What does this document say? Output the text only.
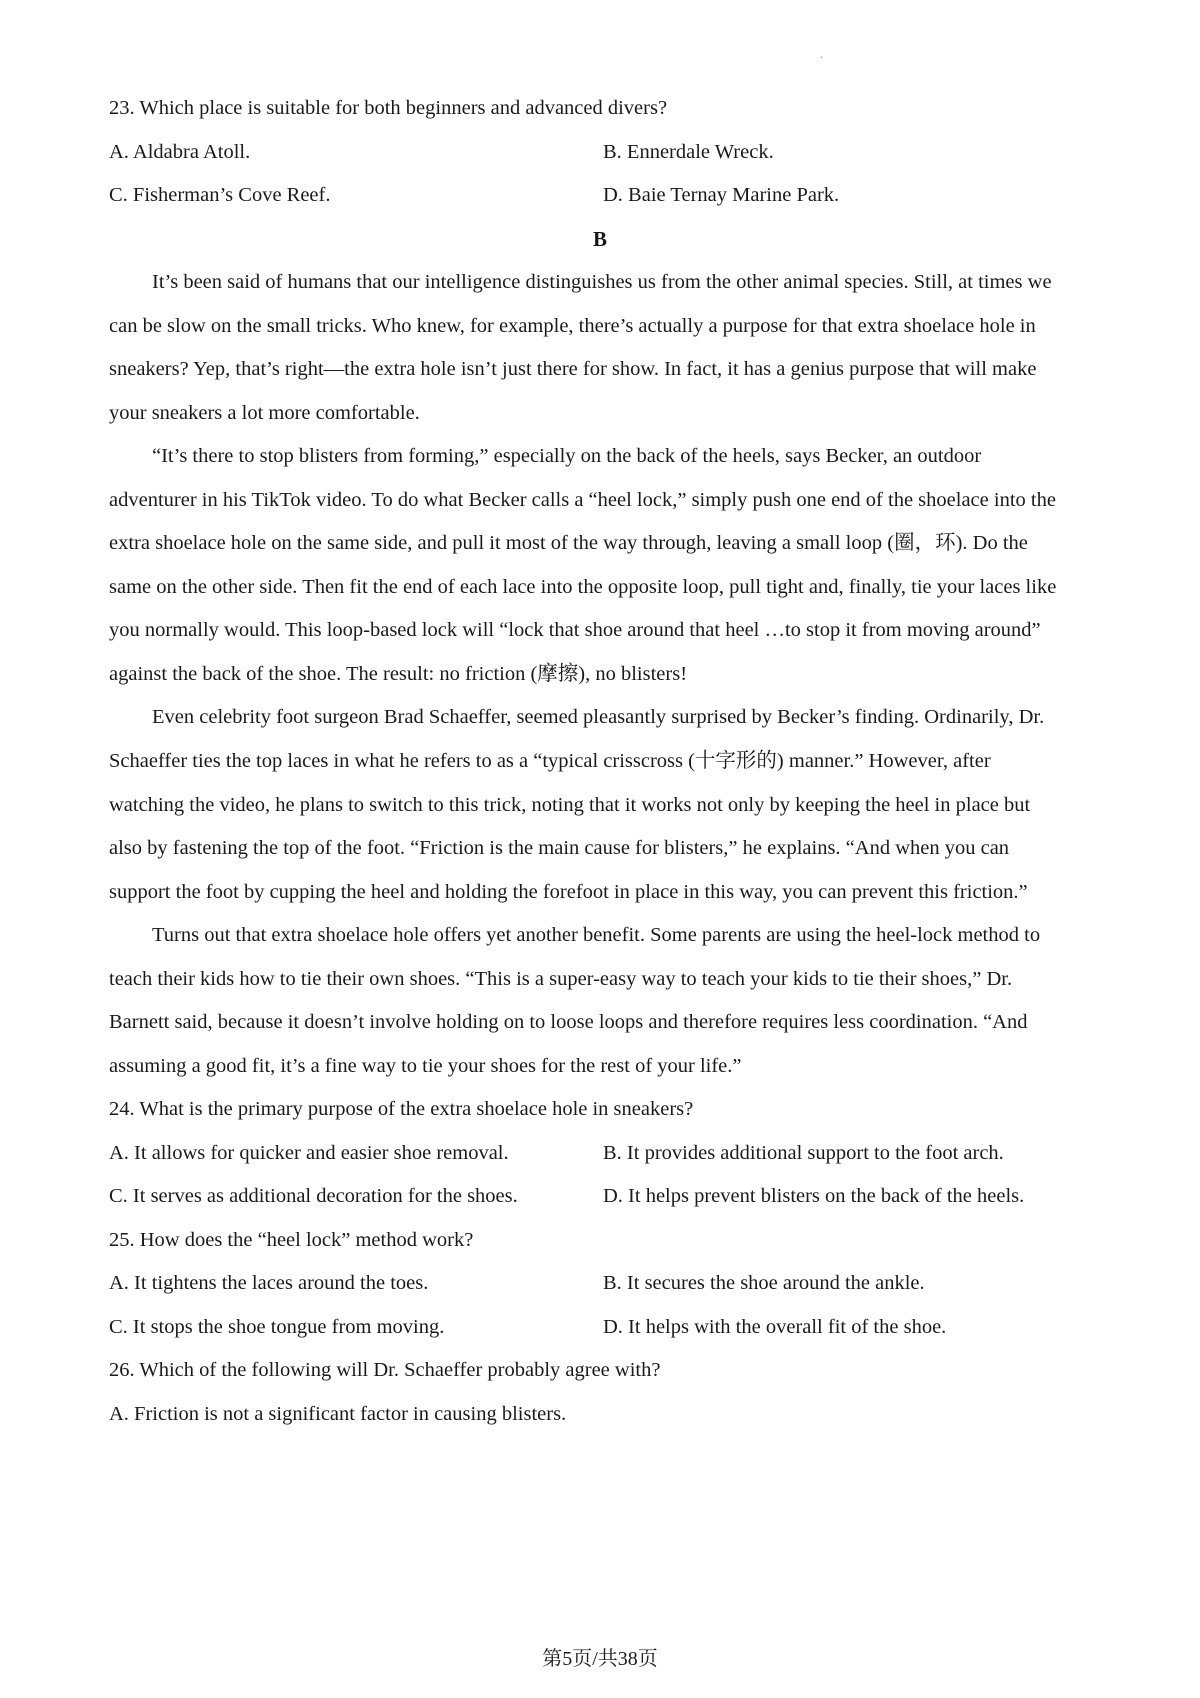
.
23. Which place is suitable for both beginners and advanced divers?
A. Aldabra Atoll.	B. Ennerdale Wreck.
C. Fisherman’s Cove Reef.	D. Baie Ternay Marine Park.
B
It’s been said of humans that our intelligence distinguishes us from the other animal species. Still, at times we
can be slow on the small tricks. Who knew, for example, there’s actually a purpose for that extra shoelace hole in
sneakers? Yep, that’s right—the extra hole isn’t just there for show. In fact, it has a genius purpose that will make
your sneakers a lot more comfortable.
“It’s there to stop blisters from forming,” especially on the back of the heels, says Becker, an outdoor
adventurer in his TikTok video. To do what Becker calls a “heel lock,” simply push one end of the shoelace into the
extra shoelace hole on the same side, and pull it most of the way through, leaving a small loop (圈，环). Do the
same on the other side. Then fit the end of each lace into the opposite loop, pull tight and, finally, tie your laces like
you normally would. This loop-based lock will “lock that shoe around that heel …to stop it from moving around”
against the back of the shoe. The result: no friction (摩擦), no blisters!
Even celebrity foot surgeon Brad Schaeffer, seemed pleasantly surprised by Becker’s finding. Ordinarily, Dr.
Schaeffer ties the top laces in what he refers to as a “typical crisscross (十字形的) manner.” However, after
watching the video, he plans to switch to this trick, noting that it works not only by keeping the heel in place but
also by fastening the top of the foot. “Friction is the main cause for blisters,” he explains. “And when you can
support the foot by cupping the heel and holding the forefoot in place in this way, you can prevent this friction.”
Turns out that extra shoelace hole offers yet another benefit. Some parents are using the heel-lock method to
teach their kids how to tie their own shoes. “This is a super-easy way to teach your kids to tie their shoes,” Dr.
Barnett said, because it doesn’t involve holding on to loose loops and therefore requires less coordination. “And
assuming a good fit, it’s a fine way to tie your shoes for the rest of your life.”
24. What is the primary purpose of the extra shoelace hole in sneakers?
A. It allows for quicker and easier shoe removal.	B. It provides additional support to the foot arch.
C. It serves as additional decoration for the shoes.	D. It helps prevent blisters on the back of the heels.
25. How does the “heel lock” method work?
A. It tightens the laces around the toes.	B. It secures the shoe around the ankle.
C. It stops the shoe tongue from moving.	D. It helps with the overall fit of the shoe.
26. Which of the following will Dr. Schaeffer probably agree with?
A. Friction is not a significant factor in causing blisters.
第5页/共38页
